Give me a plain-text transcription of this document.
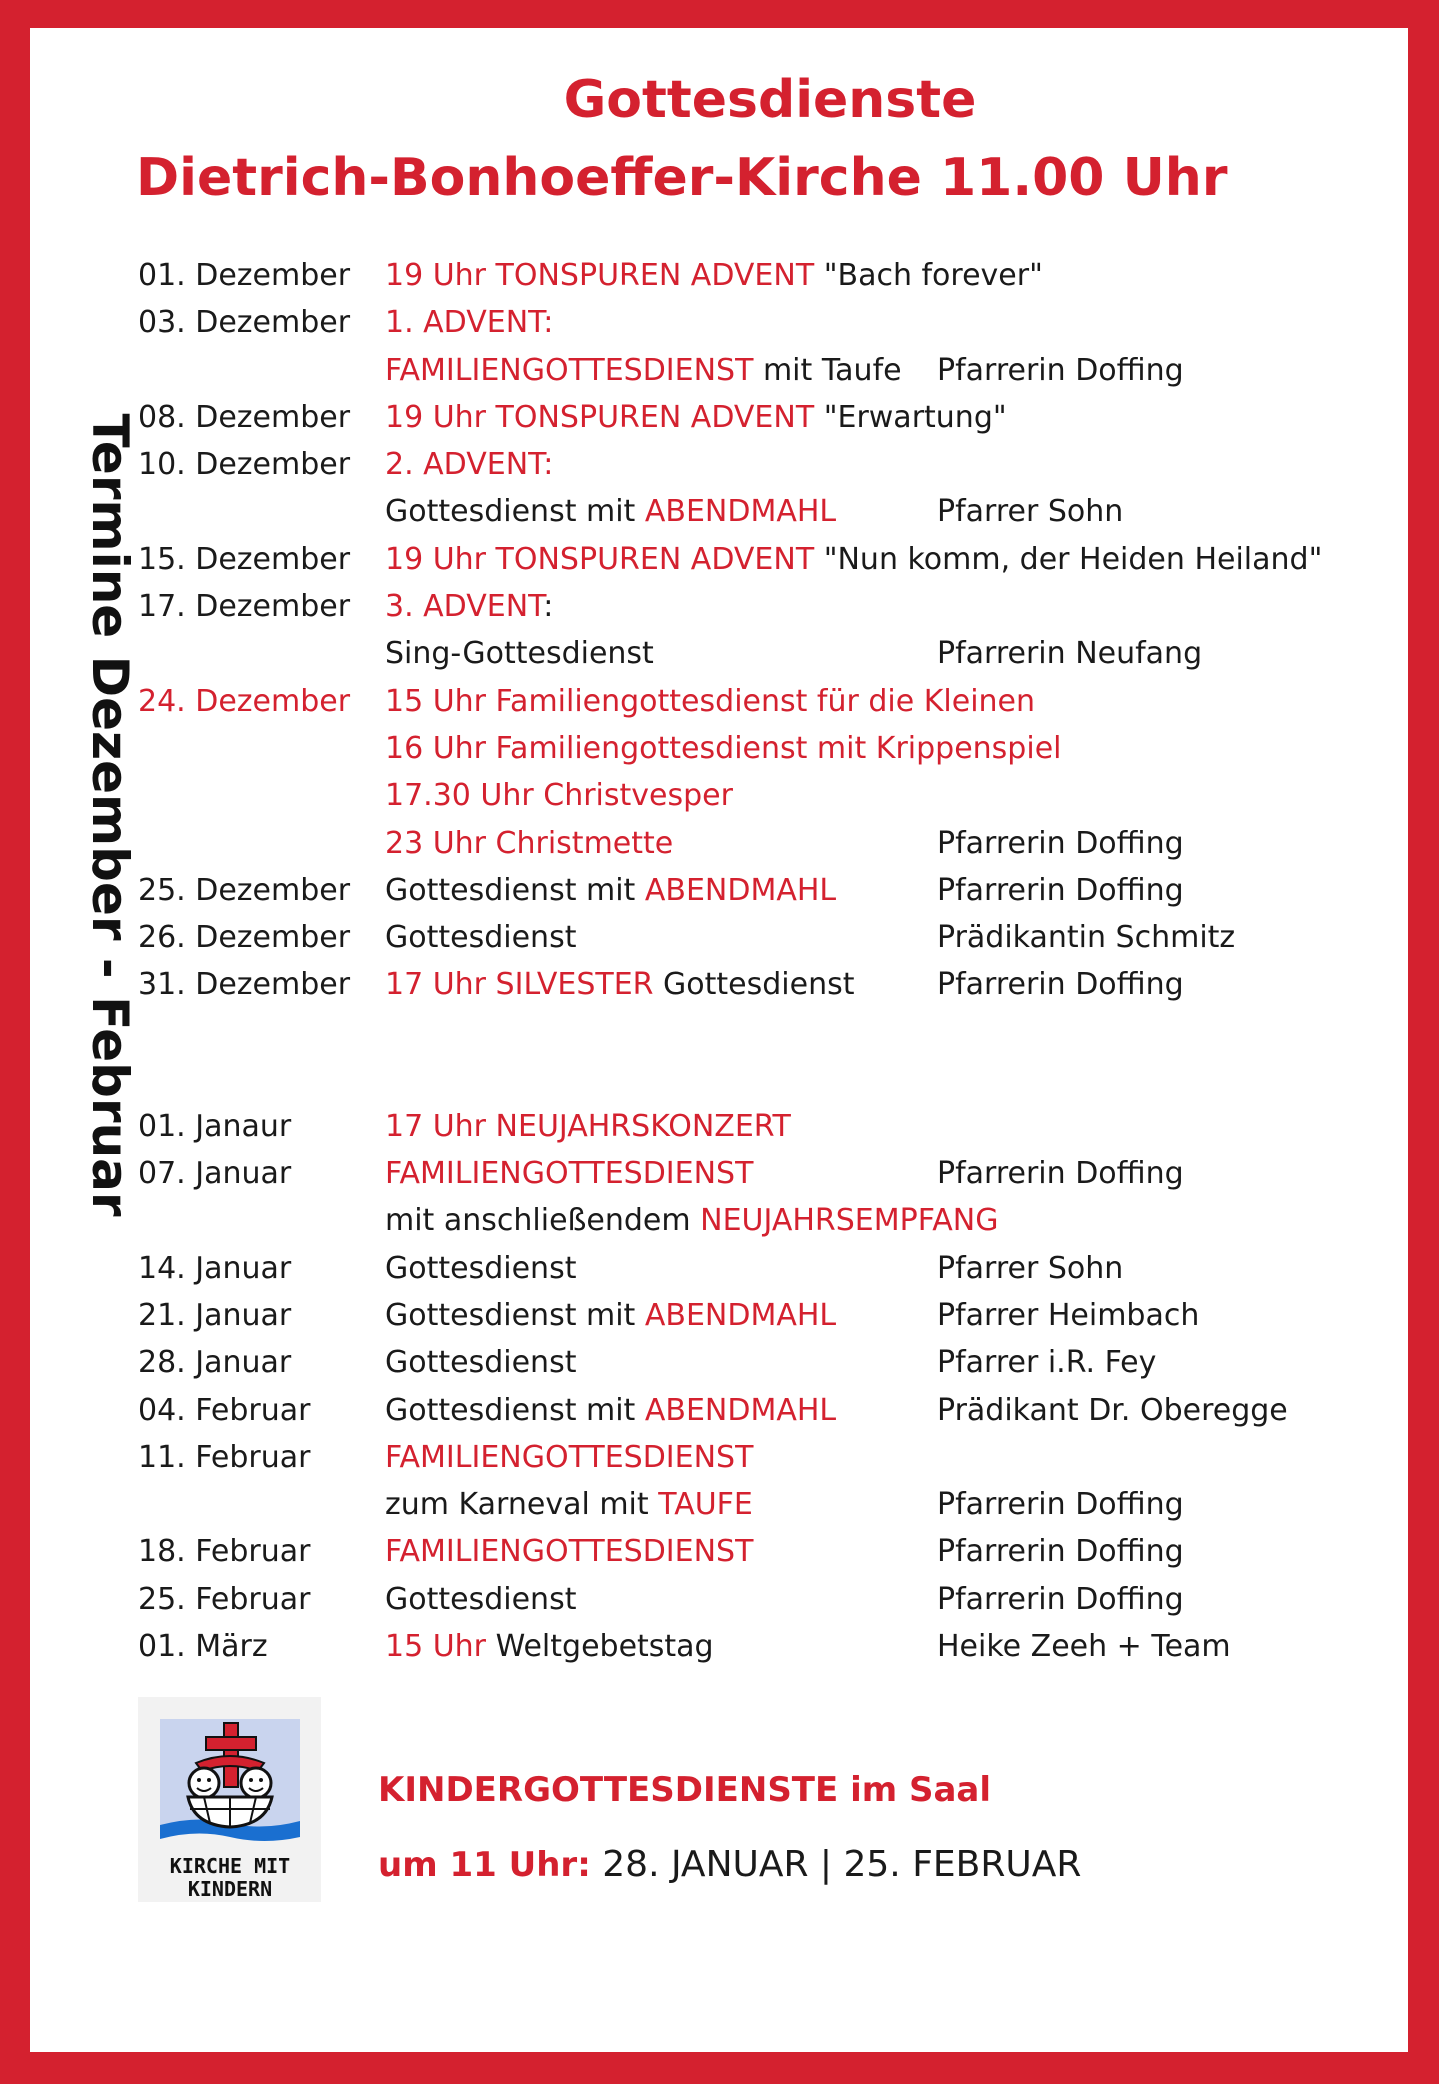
Gottesdienste
Dietrich-Bonhoeffer-Kirche 11.00 Uhr
Termine Dezember - Februar
01. Dezember 19 Uhr TONSPUREN ADVENT "Bach forever"
03. Dezember 1. ADVENT:
FAMILIENGOTTESDIENST mit Taufe Pfarrerin Doffing
08. Dezember 19 Uhr TONSPUREN ADVENT "Erwartung"
10. Dezember 2. ADVENT:
Gottesdienst mit ABENDMAHL	Pfarrer Sohn
15. Dezember 19 Uhr TONSPUREN ADVENT "Nun komm, der Heiden Heiland"
17. Dezember 3. ADVENT:
Sing-Gottesdienst	Pfarrerin Neufang
24. Dezember 15 Uhr Familiengottesdienst für die Kleinen
16 Uhr Familiengottesdienst mit Krippenspiel
17.30 Uhr Christvesper
23 Uhr Christmette	Pfarrerin Doffing
25. Dezember Gottesdienst mit ABENDMAHL	Pfarrerin Doffing
26. Dezember Gottesdienst	Prädikantin Schmitz
31. Dezember 17 Uhr SILVESTER Gottesdienst	Pfarrerin Doffing
01. Janaur	17 Uhr NEUJAHRSKONZERT
07. Januar	FAMILIENGOTTESDIENST	Pfarrerin Doffing
mit anschließendem NEUJAHRSEMPFANG
14. Januar	Gottesdienst	Pfarrer Sohn
21. Januar	Gottesdienst mit ABENDMAHL	Pfarrer Heimbach
28. Januar	Gottesdienst	Pfarrer i.R. Fey
04. Februar Gottesdienst mit ABENDMAHL	Prädikant Dr. Oberegge
11. Februar FAMILIENGOTTESDIENST
zum Karneval mit TAUFE	Pfarrerin Doffing
18. Februar FAMILIENGOTTESDIENST	Pfarrerin Doffing
25. Februar Gottesdienst	Pfarrerin Doffing
01. März	15 Uhr Weltgebetstag	Heike Zeeh + Team
KIRCHE MIT
KINDERN
KINDERGOTTESDIENSTE im Saal
um 11 Uhr: 28. JANUAR | 25. FEBRUAR
